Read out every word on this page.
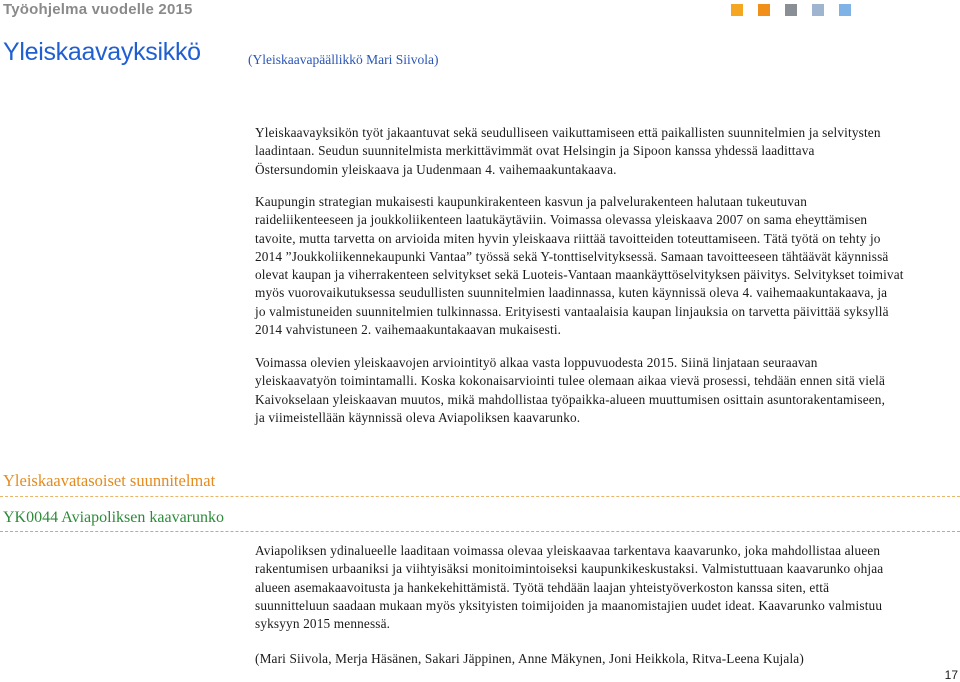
Työohjelma vuodelle 2015
Yleiskaavayksikkö	(Yleiskaavapäällikkö Mari Siivola)

Yleiskaavayksikön työt jakaantuvat sekä seudulliseen vaikuttamiseen että paikallisten suunnitelmien ja selvitysten
laadintaan. Seudun suunnitelmista merkittävimmät ovat Helsingin ja Sipoon kanssa yhdessä laadittava
Östersundomin yleiskaava ja Uudenmaan 4. vaihemaakuntakaava.

Kaupungin strategian mukaisesti kaupunkirakenteen kasvun ja palvelurakenteen halutaan tukeutuvan
raideliikenteeseen ja joukkoliikenteen laatukäytäviin. Voimassa olevassa yleiskaava 2007 on sama eheyttämisen
tavoite, mutta tarvetta on arvioida miten hyvin yleiskaava riittää tavoitteiden toteuttamiseen. Tätä työtä on tehty jo
2014 ”Joukkoliikennekaupunki Vantaa” työssä sekä Y-tonttiselvityksessä. Samaan tavoitteeseen tähtäävät käynnissä
olevat kaupan ja viherrakenteen selvitykset sekä Luoteis-Vantaan maankäyttöselvityksen päivitys. Selvitykset toimivat
myös vuorovaikutuksessa seudullisten suunnitelmien laadinnassa, kuten käynnissä oleva 4. vaihemaakuntakaava, ja
jo valmistuneiden suunnitelmien tulkinnassa. Erityisesti vantaalaisia kaupan linjauksia on tarvetta päivittää syksyllä
2014 vahvistuneen 2. vaihemaakuntakaavan mukaisesti.

Voimassa olevien yleiskaavojen arviointityö alkaa vasta loppuvuodesta 2015. Siinä linjataan seuraavan
yleiskaavatyön toimintamalli. Koska kokonaisarviointi tulee olemaan aikaa vievä prosessi, tehdään ennen sitä vielä
Kaivokselaan yleiskaavan muutos, mikä mahdollistaa työpaikka-alueen muuttumisen osittain asuntorakentamiseen,
ja viimeistellään käynnissä oleva Aviapoliksen kaavarunko.

Yleiskaavatasoiset suunnitelmat
YK0044 Aviapoliksen kaavarunko

Aviapoliksen ydinalueelle laaditaan voimassa olevaa yleiskaavaa tarkentava kaavarunko, joka mahdollistaa alueen
rakentumisen urbaaniksi ja viihtyisäksi monitoimintoiseksi kaupunkikeskustaksi. Valmistuttuaan kaavarunko ohjaa
alueen asemakaavoitusta ja hankekehittämistä. Työtä tehdään laajan yhteistyöverkoston kanssa siten, että
suunnitteluun saadaan mukaan myös yksityisten toimijoiden ja maanomistajien uudet ideat. Kaavarunko valmistuu
syksyyn 2015 mennessä.

(Mari Siivola, Merja Häsänen, Sakari Jäppinen, Anne Mäkynen, Joni Heikkola, Ritva-Leena Kujala)

17
